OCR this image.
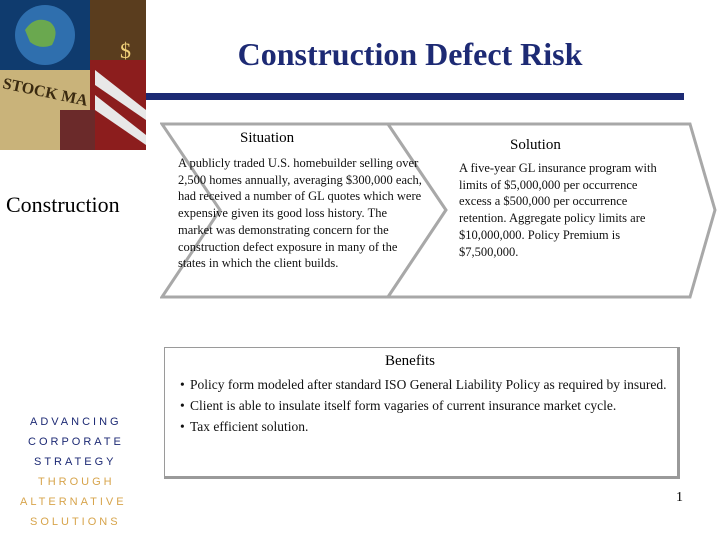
STOCK MA
$	Construction Defect Risk
Construction
Situation
A publicly traded U.S. homebuilder selling over 2,500 homes annually, averaging $300,000 each, had received a number of GL quotes which were expensive given its good loss history. The market was demonstrating concern for the construction defect exposure in many of the states in which the client builds.
Solution
A five-year GL insurance program with limits of $5,000,000 per occurrence excess a $500,000 per occurrence retention. Aggregate policy limits are $10,000,000. Policy Premium is $7,500,000.
Benefits
• Policy form modeled after standard ISO General Liability Policy as required by insured.
• Client is able to insulate itself form vagaries of current insurance market cycle.
• Tax efficient solution.
ADVANCING
CORPORATE
STRATEGY
THROUGH
ALTERNATIVE
SOLUTIONS
1
